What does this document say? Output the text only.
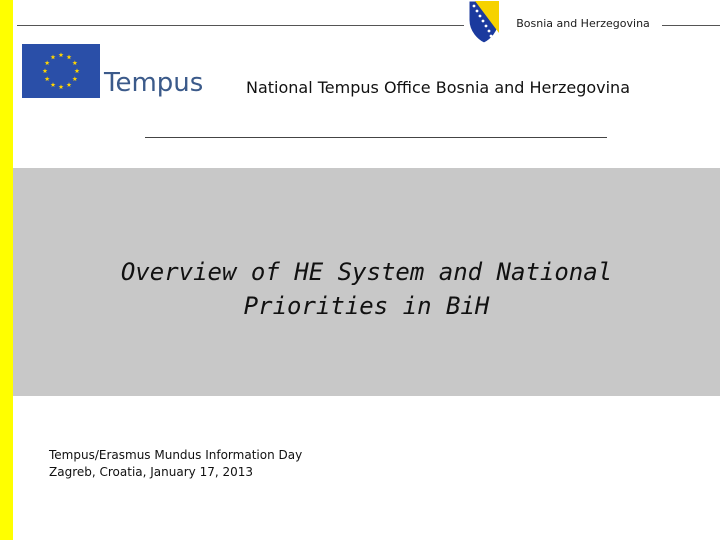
Bosnia and Herzegovina
Tempus	National Tempus Office Bosnia and Herzegovina
Overview of HE System and National
Priorities in BiH
Tempus/Erasmus Mundus Information Day
Zagreb, Croatia, January 17, 2013
